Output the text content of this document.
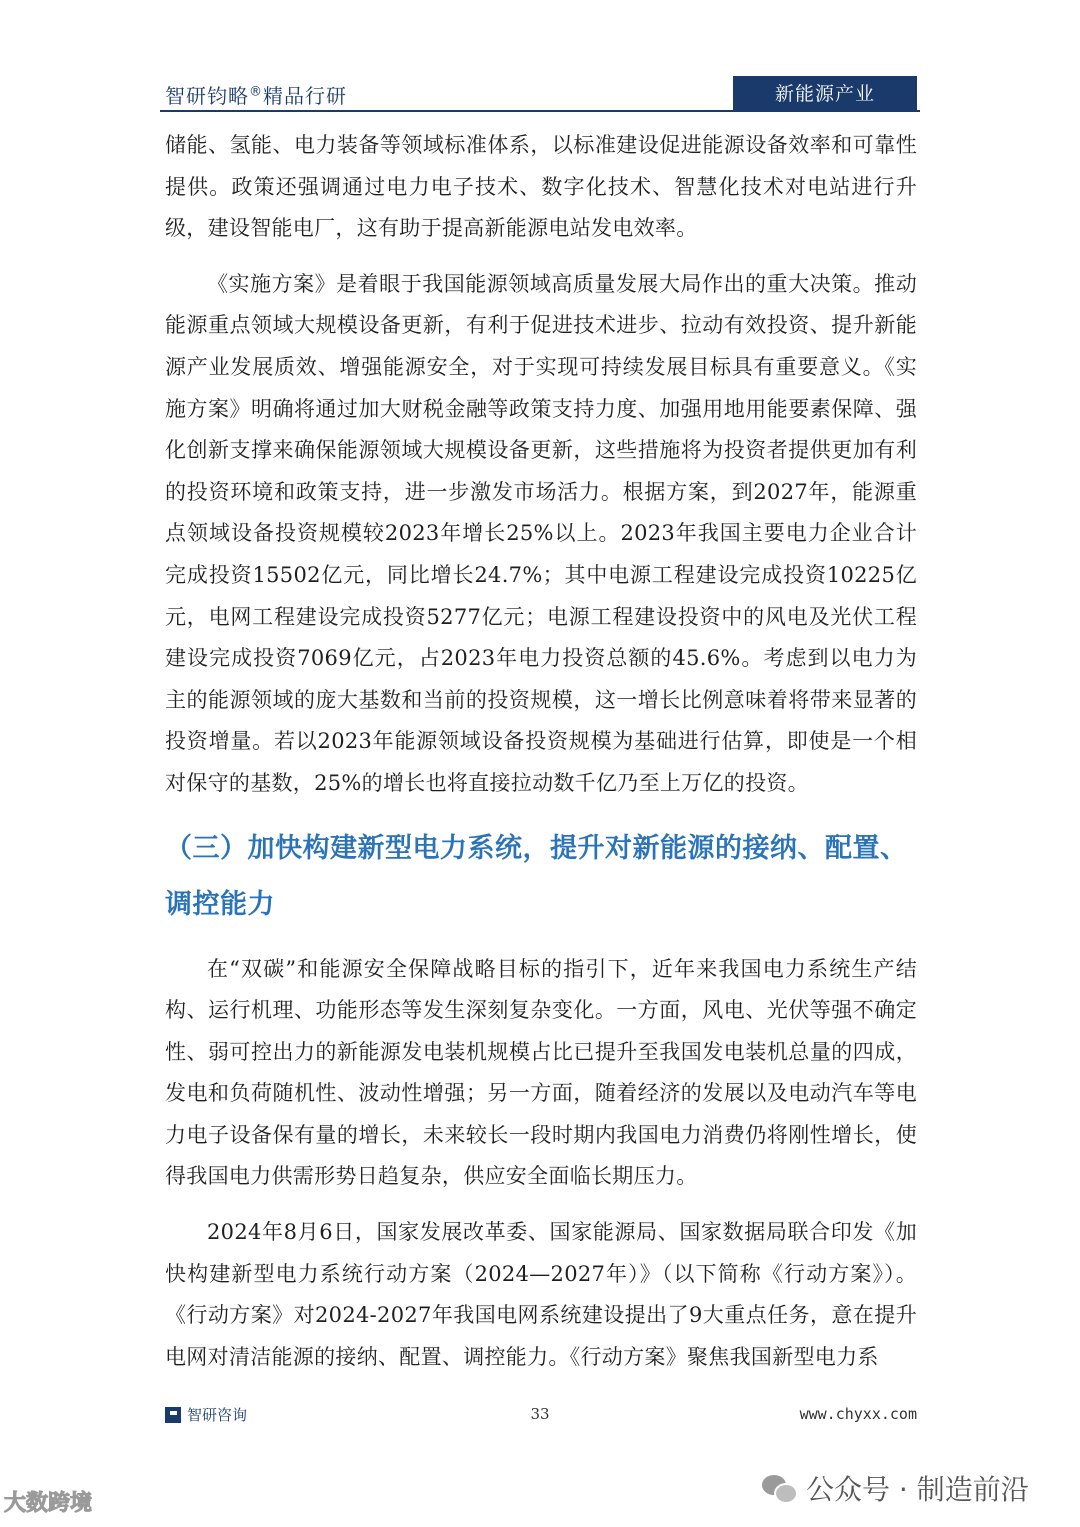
智研钧略®精品行研	新能源产业

储能、氢能、电力装备等领域标准体系，以标准建设促进能源设备效率和可靠性提供。政策还强调通过电力电子技术、数字化技术、智慧化技术对电站进行升级，建设智能电厂，这有助于提高新能源电站发电效率。

《实施方案》是着眼于我国能源领域高质量发展大局作出的重大决策。推动能源重点领域大规模设备更新，有利于促进技术进步、拉动有效投资、提升新能源产业发展质效、增强能源安全，对于实现可持续发展目标具有重要意义。《实施方案》明确将通过加大财税金融等政策支持力度、加强用地用能要素保障、强化创新支撑来确保能源领域大规模设备更新，这些措施将为投资者提供更加有利的投资环境和政策支持，进一步激发市场活力。根据方案，到2027年，能源重点领域设备投资规模较2023年增长25%以上。2023年我国主要电力企业合计完成投资15502亿元，同比增长24.7%；其中电源工程建设完成投资10225亿元，电网工程建设完成投资5277亿元；电源工程建设投资中的风电及光伏工程建设完成投资7069亿元，占2023年电力投资总额的45.6%。考虑到以电力为主的能源领域的庞大基数和当前的投资规模，这一增长比例意味着将带来显著的投资增量。若以2023年能源领域设备投资规模为基础进行估算，即使是一个相对保守的基数，25%的增长也将直接拉动数千亿乃至上万亿的投资。

（三）加快构建新型电力系统，提升对新能源的接纳、配置、调控能力

在“双碳”和能源安全保障战略目标的指引下，近年来我国电力系统生产结构、运行机理、功能形态等发生深刻复杂变化。一方面，风电、光伏等强不确定性、弱可控出力的新能源发电装机规模占比已提升至我国发电装机总量的四成，发电和负荷随机性、波动性增强；另一方面，随着经济的发展以及电动汽车等电力电子设备保有量的增长，未来较长一段时期内我国电力消费仍将刚性增长，使得我国电力供需形势日趋复杂，供应安全面临长期压力。

2024年8月6日，国家发展改革委、国家能源局、国家数据局联合印发《加快构建新型电力系统行动方案（2024—2027年）》（以下简称《行动方案》）。《行动方案》对2024-2027年我国电网系统建设提出了9大重点任务，意在提升电网对清洁能源的接纳、配置、调控能力。《行动方案》聚焦我国新型电力系

智研咨询	33	www.chyxx.com
公众号 · 制造前沿
大数跨境
